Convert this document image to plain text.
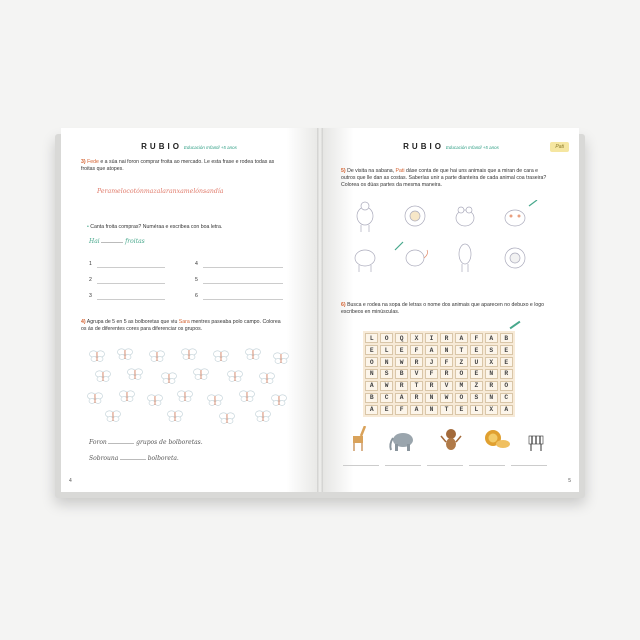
RUBIO Educación Infantil +5 anos
3) Fede e a súa nai foron comprar froita ao mercado. Le esta frase e rodea todas as froitas que atopes.
Peramelocotónmazalaranxamelónsandía
• Canta froita compras? Numéraa e escribea con boa letra.
Hai	froitas
1
2
3
4
5
6
4) Agrupa de 5 en 5 as bolboretas que viu Sara mentres paseaba polo campo. Colorea os ás de diferentes cores para diferenciar os grupos.
Foron	grupos de bolboretas.
Sobrouna	bolboreta.
4
RUBIO Educación Infantil +5 anos	Pati
5) De visita na sabana, Pati dáse conta de que hai uns animais que a miran de cara e outros que lle dan as costas. Saberías unir a parte dianteira de cada animal coa traseira? Colorea os dúas partes da mesma maneira.
6) Busca e rodea na sopa de letras o nome dos animais que aparecen no debuxo e logo escribeos en minúsculas.
L	O	Q	X	I	R	A	F	A	B
E	L	E	F	A	N	T	E	S	E
O	N	W	R	J	F	Z	U	X	E
N	S	B	V	F	R	O	E	N	R
A	W	R	T	R	V	M	Z	R	O
B	C	A	R	N	W	O	S	N	C
A	E	F	A	N	T	E	L	X	A
5
